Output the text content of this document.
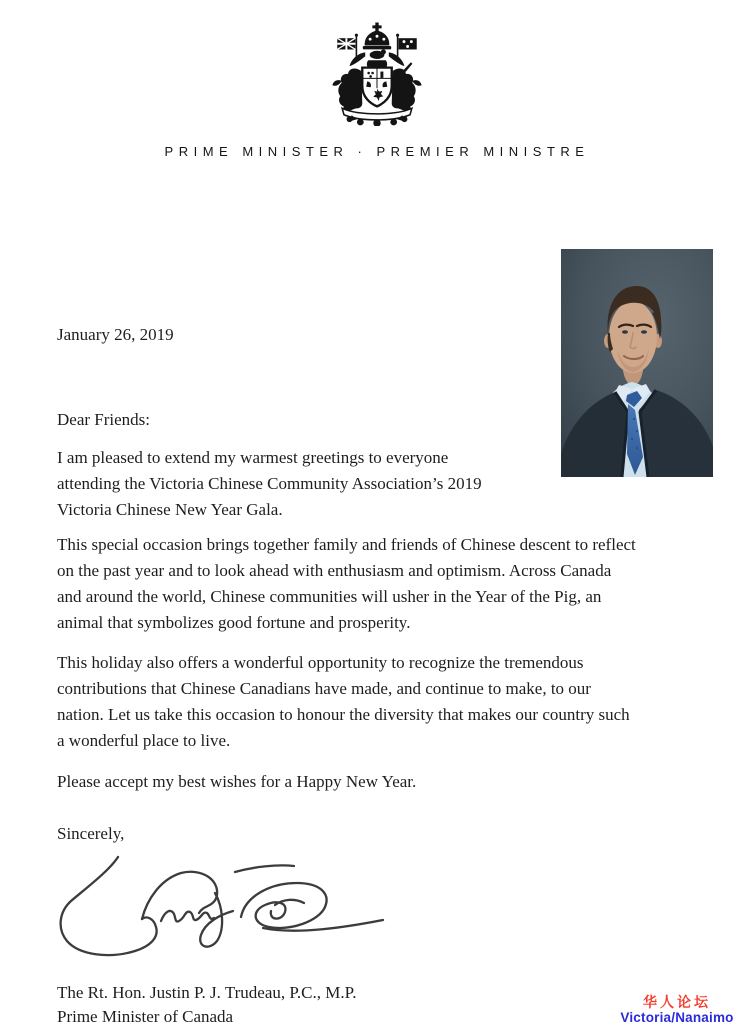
PRIME MINISTER · PREMIER MINISTRE

January 26, 2019

Dear Friends:

I am pleased to extend my warmest greetings to everyone
attending the Victoria Chinese Community Association’s 2019
Victoria Chinese New Year Gala.
This special occasion brings together family and friends of Chinese descent to reflect
on the past year and to look ahead with enthusiasm and optimism. Across Canada
and around the world, Chinese communities will usher in the Year of the Pig, an
animal that symbolizes good fortune and prosperity.
This holiday also offers a wonderful opportunity to recognize the tremendous
contributions that Chinese Canadians have made, and continue to make, to our
nation. Let us take this occasion to honour the diversity that makes our country such
a wonderful place to live.
Please accept my best wishes for a Happy New Year.

Sincerely,

The Rt. Hon. Justin P. J. Trudeau, P.C., M.P.
Prime Minister of Canada
华人论坛
Victoria/Nanaimo
